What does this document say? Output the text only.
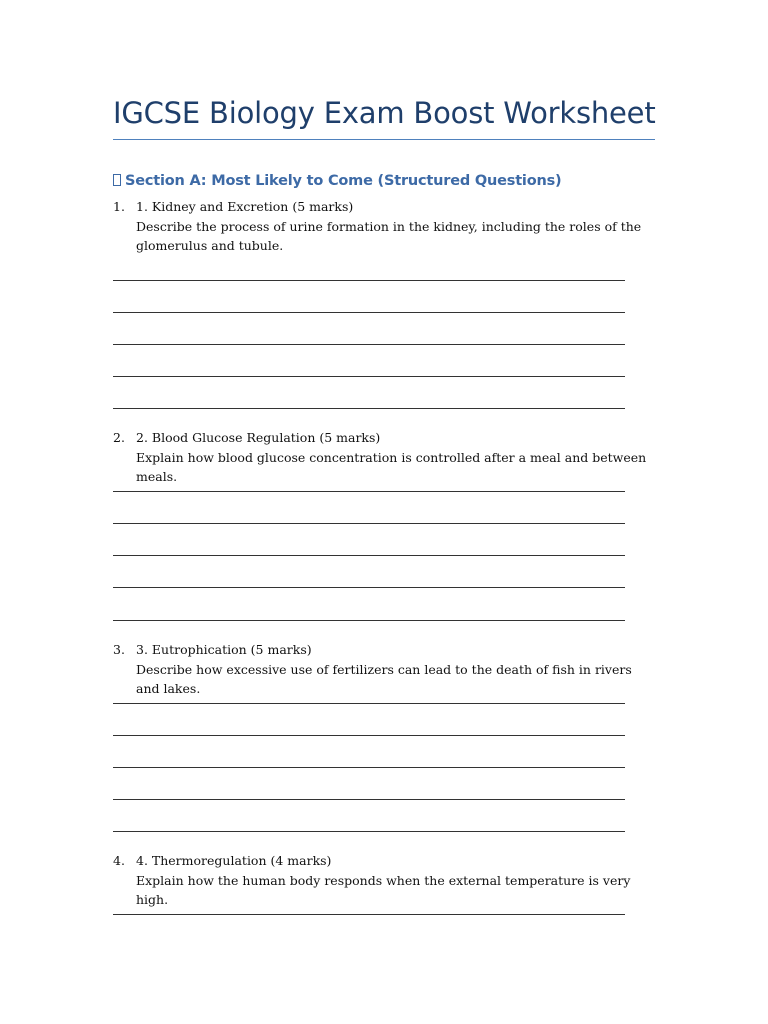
IGCSE Biology Exam Boost Worksheet
Section A: Most Likely to Come (Structured Questions)
1. 1. Kidney and Excretion (5 marks)
Describe the process of urine formation in the kidney, including the roles of the glomerulus and tubule.
2. 2. Blood Glucose Regulation (5 marks)
Explain how blood glucose concentration is controlled after a meal and between meals.
3. 3. Eutrophication (5 marks)
Describe how excessive use of fertilizers can lead to the death of fish in rivers and lakes.
4. 4. Thermoregulation (4 marks)
Explain how the human body responds when the external temperature is very high.
